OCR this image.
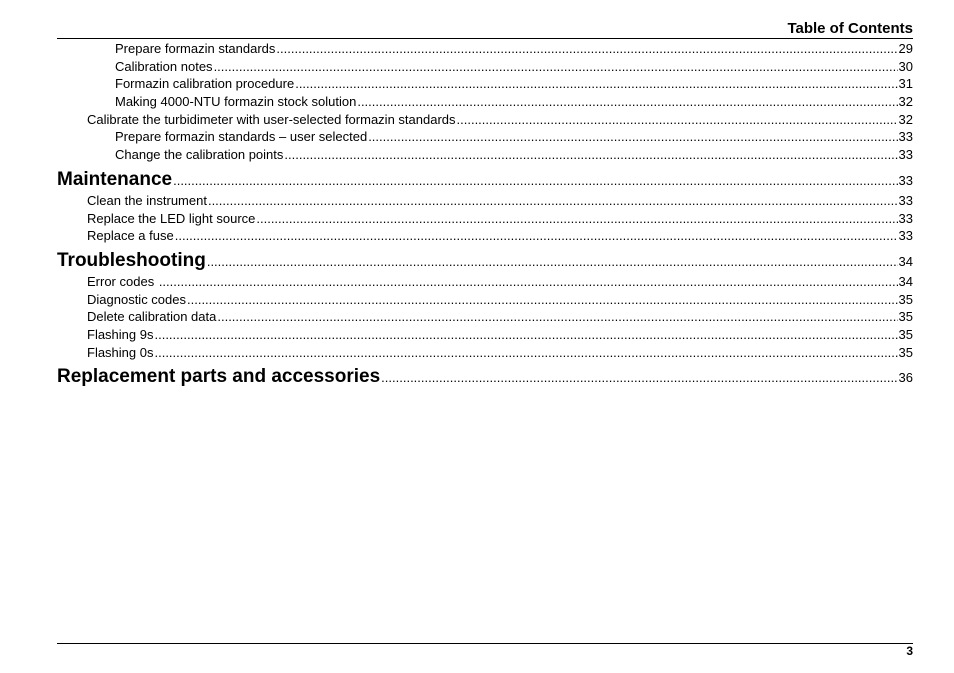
Table of Contents
Prepare formazin standards .....	29
Calibration notes .....	30
Formazin calibration procedure .....	31
Making 4000-NTU formazin stock solution .....	32
Calibrate the turbidimeter with user-selected formazin standards .....	32
Prepare formazin standards – user selected .....	33
Change the calibration points .....	33
Maintenance .....	33
Clean the instrument .....	33
Replace the LED light source .....	33
Replace a fuse .....	33
Troubleshooting .....	34
Error codes .....	34
Diagnostic codes .....	35
Delete calibration data .....	35
Flashing 9s .....	35
Flashing 0s .....	35
Replacement parts and accessories .....	36
3
